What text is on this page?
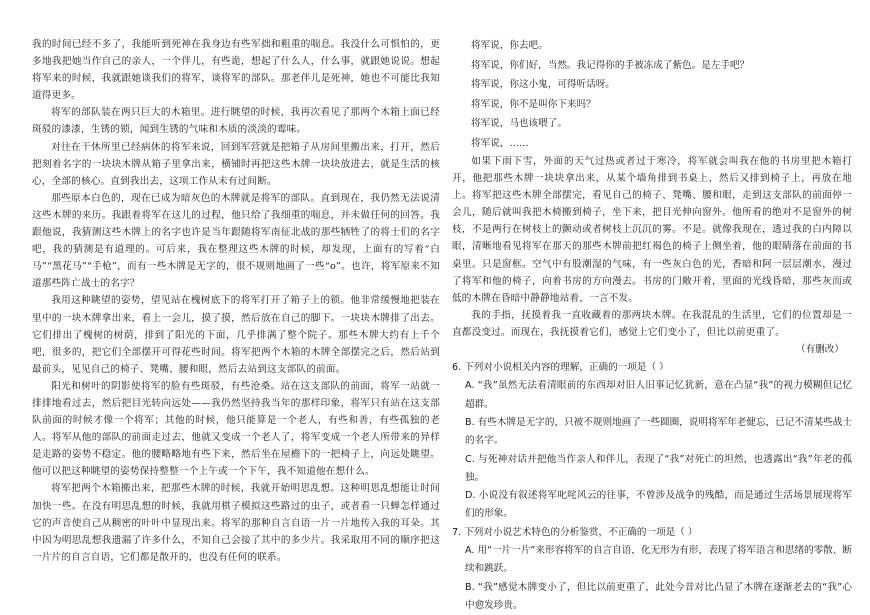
我的时间已经不多了，我能听到死神在我身边有些军拙和粗重的喘息。我没什么可惧怕的，更多地我把她当作自己的亲人，一个伴儿，有些诡，想起了什么人，什么事，就跟她说说。想起将军来的时候，我就跟她谈我们的将军，谈将军的部队。那老伴儿是死神，她也不可能比我知道得更多。

将军的部队装在两只巨大的木箱里。进行眺望的时候，我再次看见了那两个木箱上面已经斑驳的漆漆，生锈的锁，闻到生锈的气味和木质的淡淡的霉味。

对往在干休所里已经病休的将军来说，回到军营就是把箱子从房间里搬出来，打开，然后把刻着名字的一块块木牌从箱子里拿出来，横铺时再把这些木牌一块块放进去，就是生活的核心，全部的核心。直到我出去，这项工作从未有过间断。

那些原本白色的，现在已成为暗灰色的木牌就是将军的部队。直到现在，我仍然无法说清这些木牌的来历。我跟着将军在这儿的过程，他只给了我细重的喘息，并未做任何的回答。我跟他说，我猜测这些木牌上的名字也许是当年跟随将军南征北战的那些牺牲了的将士们的名字吧，我的猜测是有道理的。可后来，我在整理这些木牌的时候，却发现，上面有的写着“白马”“黑花马”“手枪”，而有一些木牌是无字的，很不规则地画了一些“o”。也许，将军原来不知道那些阵亡战士的名字？

我用这种眺望的姿势，望见站在槐树底下的将军打开了箱子上的锁。他非常缓慢地把装在里中的一块木牌拿出来，看上一会儿，摸了摸，然后放在自己的脚下。一块块木牌排了出去。它们排出了槐树的树荫，排到了阳光的下面，几乎排满了整个院子。那些木牌大约有上千个吧，很多的，把它们全部摆开可得花些时间。将军把两个木箱的木牌全部摆完之后，然后站到最前头，见见自己的椅子、凳嘴、腰和眼，然后去站到这支部队的前面。

阳光和树叶的阴影使将军的脸有些斑驳，有些沧桑。站在这支部队的前面，将军一站就一排排地看过去，然后把目光转向远处——我仍然坚持我当年的那样印象，将军只有站在这支部队前面的时候才像一个将军；其他的时候，他只能算是一个老人，有些和善，有些孤独的老人。将军从他的部队的前面走过去，他就又变成一个老人了，将军变成一个老人所带来的异样是走路的姿势不稳定。他的腰略略地有些下来，然后坐在屋檐下的一把椅子上，向远处眺望。他可以把这种眺望的姿势保持整整一个上午或一个下午，我不知道他在想什么。

将军把两个木箱搬出来，把那些木牌的时候，我就开始明思乱想。这种明思乱想能让时间加快一些。在没有明思乱想的时候，我就用棋子模拟这些路过的虫子，或者看一只蝉怎样通过它的声音使自己从稠密的叶叶中显现出来。将军的那种自言自语一片一片地传入我的耳朵。其中因为明思乱想我遗漏了许多什么，不知自己会接了其中的多少片。我采取用不同的顺序把这一片片的自言自语，它们都是散开的，也没有任何的联系。

将军说，你去吧。

将军说，你们好，当然。我记得你的手被冻成了紫色。是左手吧？

将军说，你这小鬼，可得听话呀。

将军说，你不是叫你下来吗？

将军说，马也该喂了。

将军说，……

如果下雨下雪，外面的天气过热或者过于寒冷，将军就会叫我在他的书房里把木箱打开，他把那些木牌一块块拿出来，从某个墙角排到书桌上，然后又排到椅子上，再放在地上。将军把这些木牌全部摆完，看见自己的椅子、凳嘴、腰和眼，走到这支部队的前面停一会儿，随后就叫我把木椅搬到椅子，坐下来，把目光伸向窗外。他所看的绝对不是窗外的树枝，不是两行在树枝上的颤动或者树枝上沉沉的雾。不是。就像我现在，透过我的白内障以眼，清晰地看见将军在那天的那些木牌前把红褐色的椅子上侧坐着，他的眼睛落在前面的书桌里。只是窗框。空气中有股潮湿的气味，有一些灰白色的光，香暗和阿一层层潮水，漫过了将军和他的椅子，向着书房的方向漫去。书房的门敞开着，里面的光线昏暗，那些灰而或低的木牌在昏暗中静静地站着，一言不发。

我的手指，抚摸着我一直收藏着的那两块木牌。在我混乱的生活里，它们的位置却是一直都没变过。而现在，我抚摸着它们，感觉上它们变小了，但比以前更重了。

（有删改）

6. 下列对小说相关内容的理解，正确的一项是（ ）

A. “我”虽然无法看清眼前的东西却对旧人旧事记忆犹新，意在凸显“我”的视力模糊但记忆超群。

B. 有些木牌是无字的，只被不规则地画了一些圆圈，说明将军年老健忘，已记不清某些战士的名字。

C. 与死神对话并把他当作亲人和伴儿，表现了“我”对死亡的坦然，也透露出“我”年老的孤独。

D. 小说没有叙述将军叱咤风云的往事，不曾涉及战争的残酷，而是通过生活场景展现将军们的形象。

7. 下列对小说艺术特色的分析鉴赏，不正确的一项是（ ）

A. 用“一片一片”来形容将军的自言自语，化无形为有形，表现了将军语言和思绪的零散、断续和跳跃。

B. “我”感觉木牌变小了，但比以前更重了，此处今昔对比凸显了木牌在逐渐老去的“我”心中愈发珍贵。
